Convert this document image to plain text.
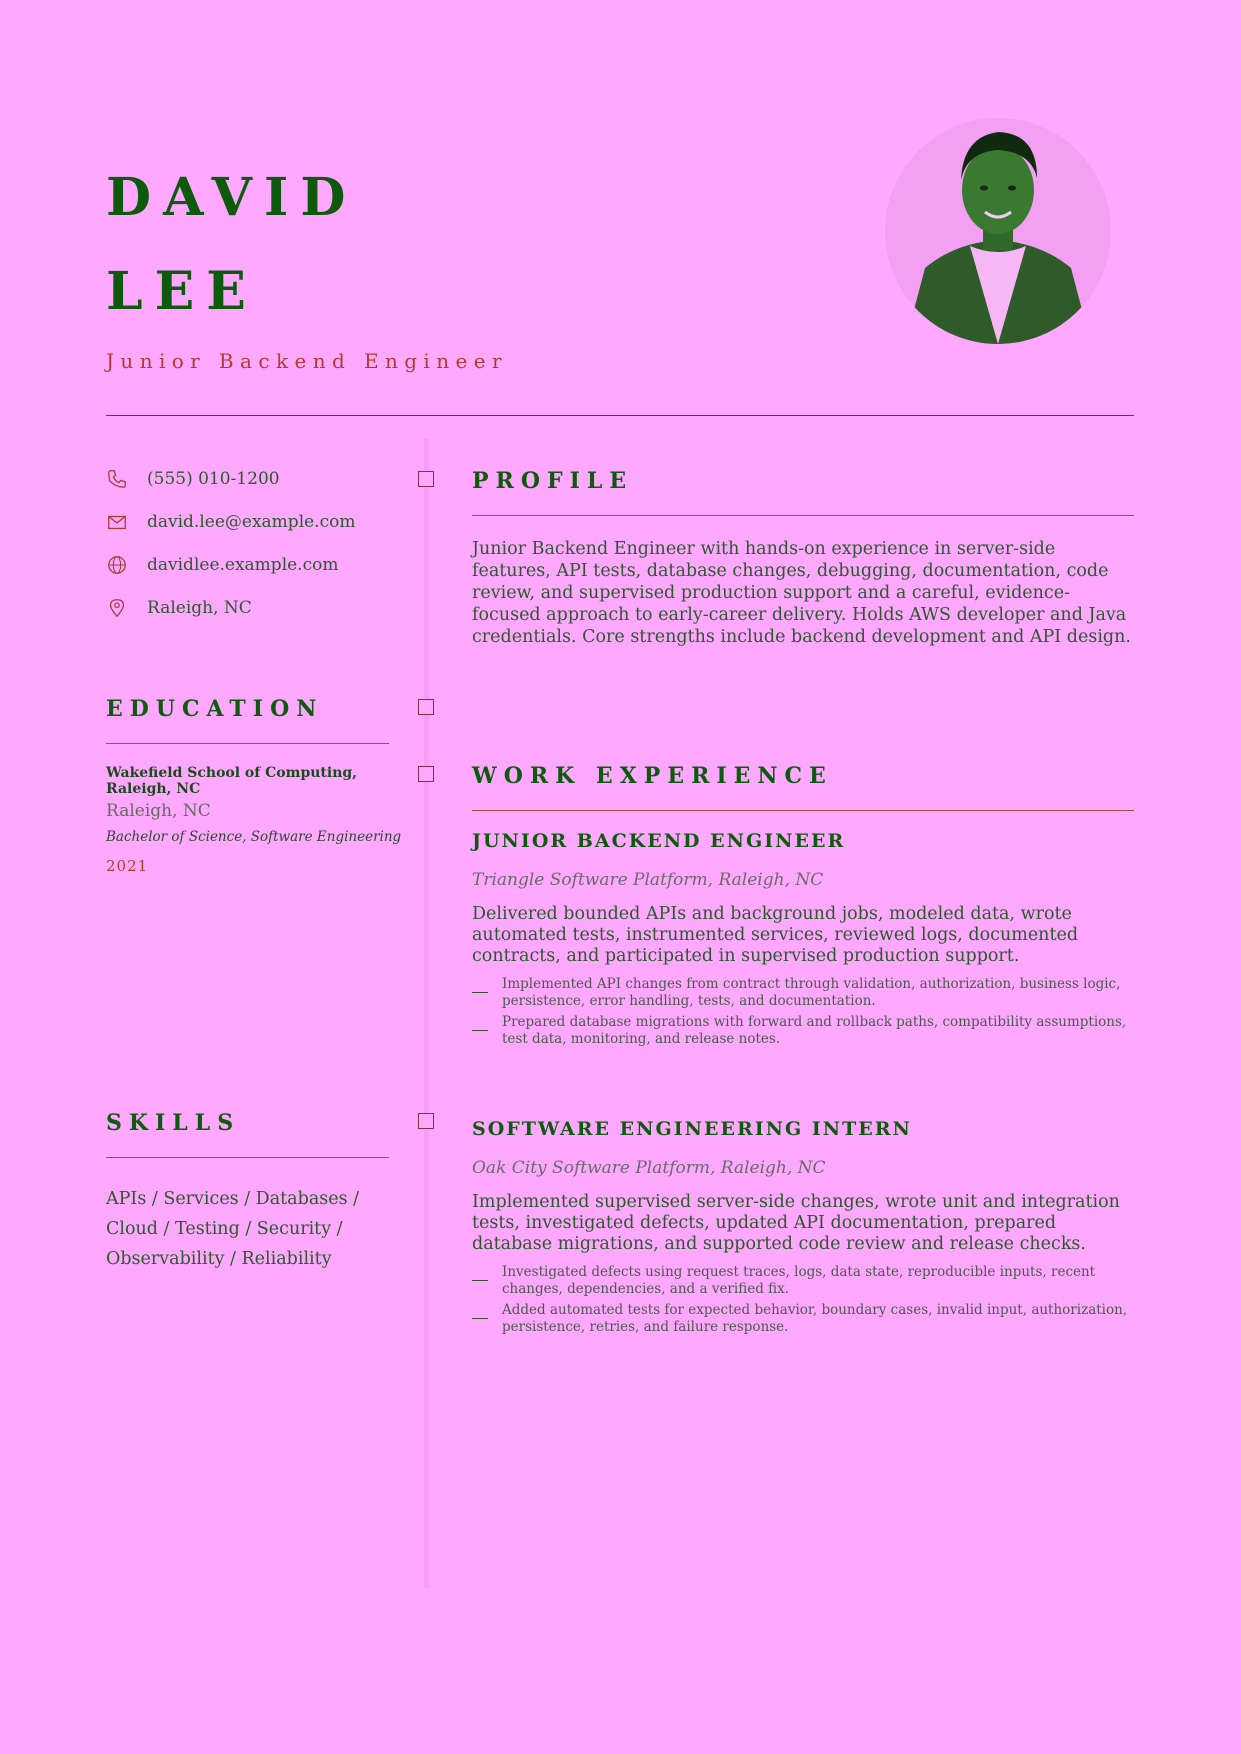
DAVID
LEE
Junior Backend Engineer
(555) 010-1200
david.lee@example.com
davidlee.example.com
Raleigh, NC
EDUCATION
Wakefield School of Computing, Raleigh, NC
Raleigh, NC
Bachelor of Science, Software Engineering
2021
SKILLS
APIs / Services / Databases / Cloud / Testing / Security / Observability / Reliability
PROFILE
Junior Backend Engineer with hands-on experience in server-side features, API tests, database changes, debugging, documentation, code review, and supervised production support and a careful, evidence-focused approach to early-career delivery. Holds AWS developer and Java credentials. Core strengths include backend development and API design.
WORK EXPERIENCE
JUNIOR BACKEND ENGINEER
Triangle Software Platform, Raleigh, NC
Delivered bounded APIs and background jobs, modeled data, wrote automated tests, instrumented services, reviewed logs, documented contracts, and participated in supervised production support.
Implemented API changes from contract through validation, authorization, business logic, persistence, error handling, tests, and documentation.
Prepared database migrations with forward and rollback paths, compatibility assumptions, test data, monitoring, and release notes.
SOFTWARE ENGINEERING INTERN
Oak City Software Platform, Raleigh, NC
Implemented supervised server-side changes, wrote unit and integration tests, investigated defects, updated API documentation, prepared database migrations, and supported code review and release checks.
Investigated defects using request traces, logs, data state, reproducible inputs, recent changes, dependencies, and a verified fix.
Added automated tests for expected behavior, boundary cases, invalid input, authorization, persistence, retries, and failure response.
